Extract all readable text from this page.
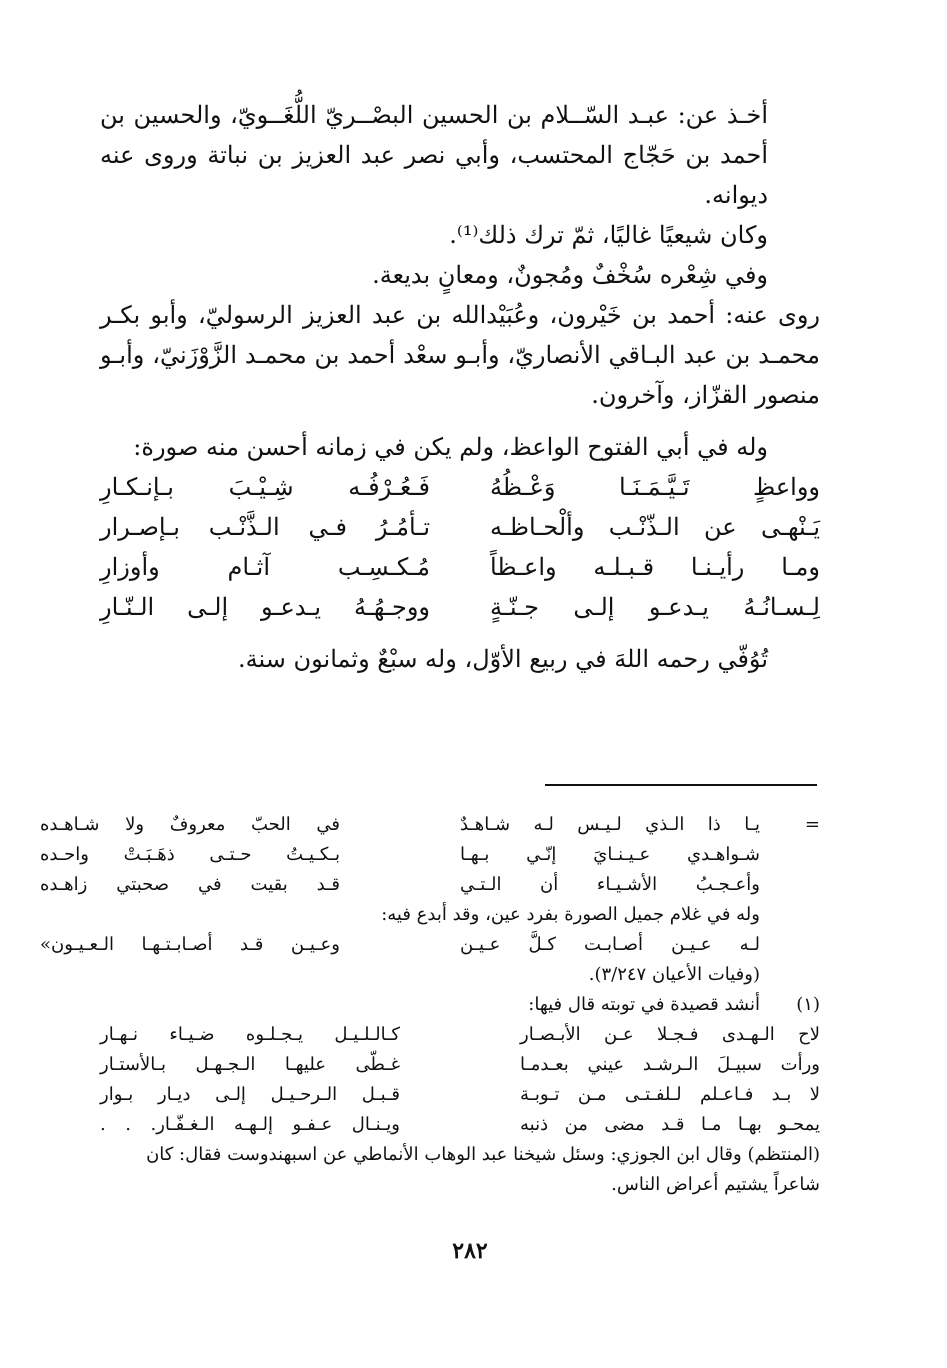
أخـذ عن: عبـد السّــلام بن الحسين البصْــريّ اللُّغَــويّ، والحسين بن أحمد بن حَجّاج المحتسب، وأبي نصر عبد العزيز بن نباتة وروى عنه ديوانه.

وكان شيعيًا غاليًا، ثمّ ترك ذلك⁽¹⁾.

وفي شِعْره سُخْفٌ ومُجونٌ، ومعانٍ بديعة.

روى عنه: أحمد بن خَيْرون، وعُبَيْدالله بن عبد العزيز الرسوليّ، وأبو بكـر محمـد بن عبد البـاقي الأنصاريّ، وأبـو سعْد أحمد بن محمـد الزَّوْزَنيّ، وأبـو منصور القزّاز، وآخرون.

وله في أبي الفتوح الواعظ، ولم يكن في زمانه أحسن منه صورة:

وواعظٍ تَـيَّـمَـنَـا وَعْـظُهُ
فَـعُـرْفُـه شِـيْـبَ بـإنـكـارِ
يَـنْهـى عن الـذّنْـب وألْحـاظـه
تـأمُـرُ فـي الـذَّنْـب بـإصـرار
ومـا رأيـنـا قـبـلـه واعـظاً
مُـكـسِـب آثـام وأوزارِ
لِـسـانُـهُ يـدعـو إلـى جـنّـةٍ
ووجـهُـهُ يـدعـو إلـى الـنّـارِ

تُوُفّي رحمه اللهَ في ربيع الأوّل، وله سبْعٌ وثمانون سنة.

=
يـا ذا الـذي لـيـس لـه شـاهـدٌ
في الحبّ معروفٌ ولا شـاهـده
شـواهـدي عـيـنـايَ إنّـي بـهـا
بـكـيـتُ حـتـى ذهَـبَـتْ واحـده
وأعـجـبُ الأشـيـاء أن الـتـي
قـد بقيت في صحبتي زاهـده

وله في غلام جميل الصورة بفرد عين، وقد أبدع فيه:

لـه عـيـن أصـابـت كـلَّ عـيـن
وعـيـن قـد أصـابـتـهـا الـعـيـون»

(وفيات الأعيان ٣/٢٤٧).

(١)

أنشد قصيدة في توبته قال فيها:

لاح الـهـدى فـجـلا عـن الأبـصـار
كـالـلـيـل يـجـلـوه ضـيـاء نـهـار
ورأت سبيـلَ الـرشـد عيني بعـدمـا
غـطّى عليهـا الـجـهـل بـالأستـار
لا بـد فـاعـلم لـلفـتـى مـن تـوبـة
قـبـل الـرحـيـل إلـى ديـار بـوار
يمحـو بهـا مـا قـد مضى من ذنبه
ويـنـال عـفـو إلـهـه الـغـفّـار. . .

(المنتظم) وقال ابن الجوزي: وسئل شيخنا عبد الوهاب الأنماطي عن اسبهندوست فقال: كان شاعراً يشتيم أعراض الناس.

٢٨٢
